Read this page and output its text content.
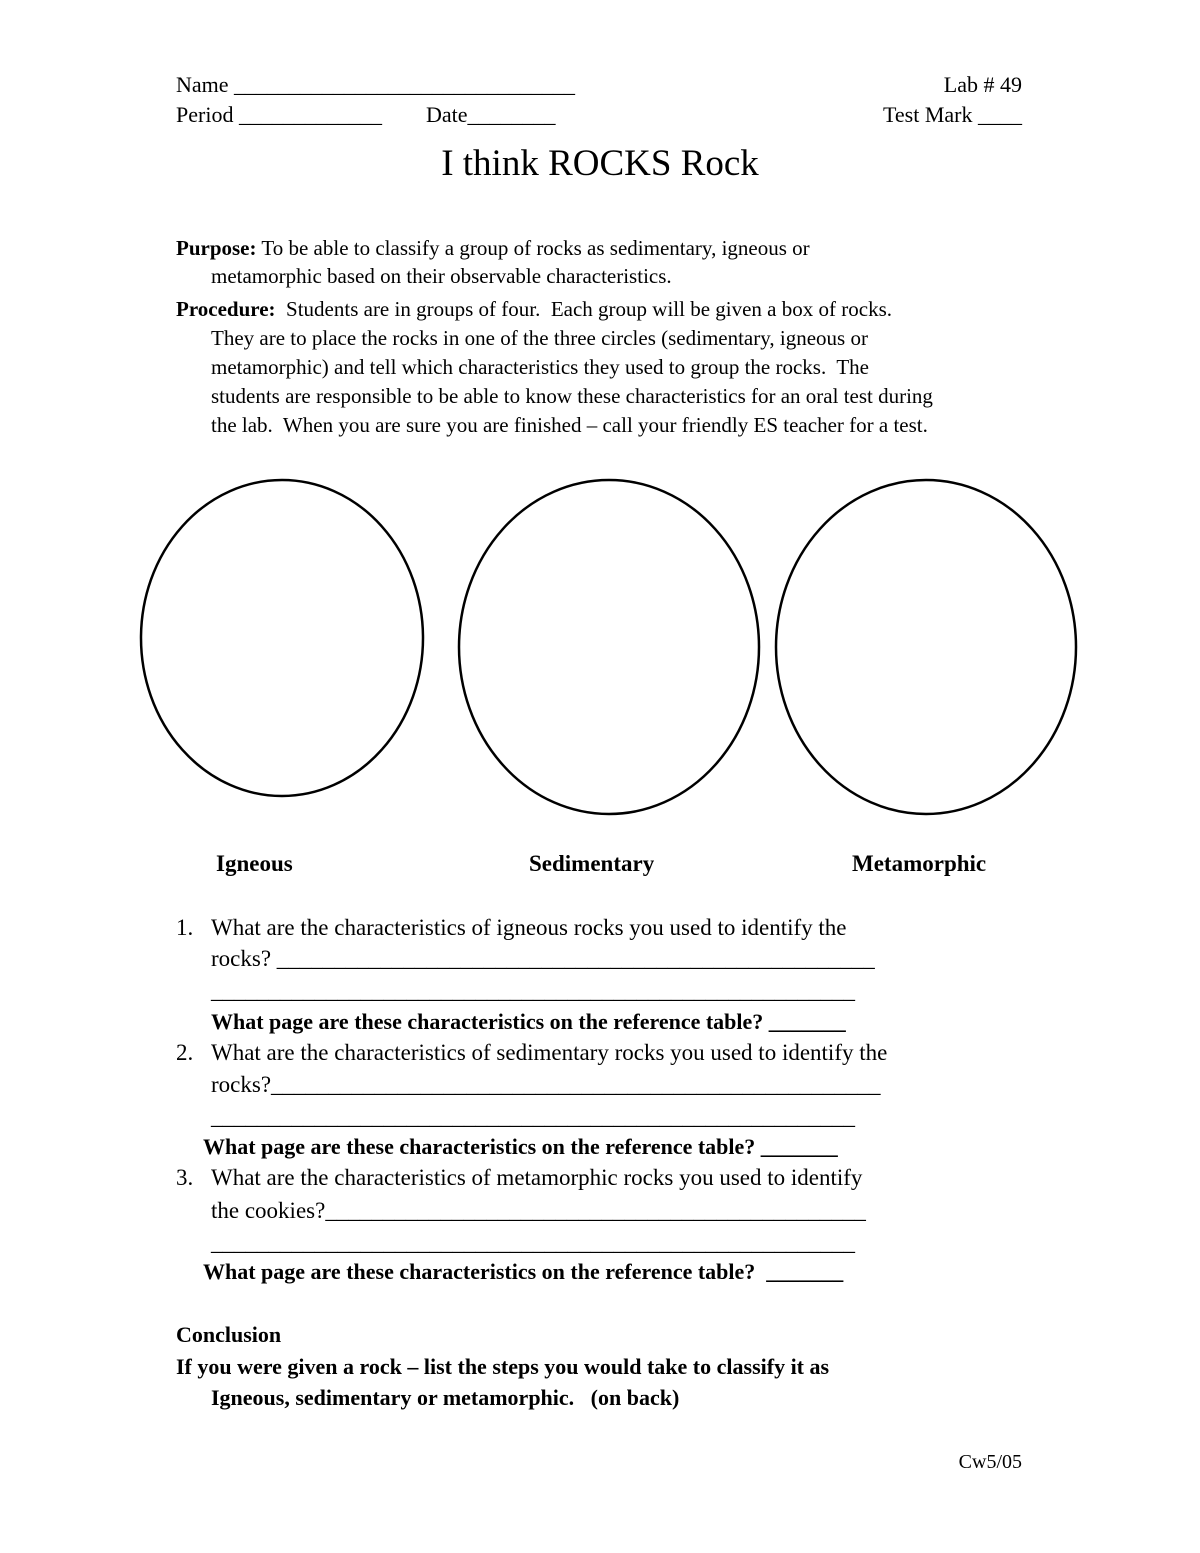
Name _______________________________	Lab # 49
Period _____________ Date________	Test Mark ____
I think ROCKS Rock
Purpose: To be able to classify a group of rocks as sedimentary, igneous or
metamorphic based on their observable characteristics.
Procedure:  Students are in groups of four.  Each group will be given a box of rocks.
They are to place the rocks in one of the three circles (sedimentary, igneous or
metamorphic) and tell which characteristics they used to group the rocks.  The
students are responsible to be able to know these characteristics for an oral test during
the lab.  When you are sure you are finished – call your friendly ES teacher for a test.
Igneous	Sedimentary	Metamorphic
1. What are the characteristics of igneous rocks you used to identify the
rocks? ____________________________________________________
________________________________________________________
What page are these characteristics on the reference table? _______
2. What are the characteristics of sedimentary rocks you used to identify the
rocks?_____________________________________________________
________________________________________________________
What page are these characteristics on the reference table? _______
3. What are the characteristics of metamorphic rocks you used to identify
the cookies?_______________________________________________
________________________________________________________
What page are these characteristics on the reference table?  _______
Conclusion
If you were given a rock – list the steps you would take to classify it as
Igneous, sedimentary or metamorphic.   (on back)
Cw5/05
